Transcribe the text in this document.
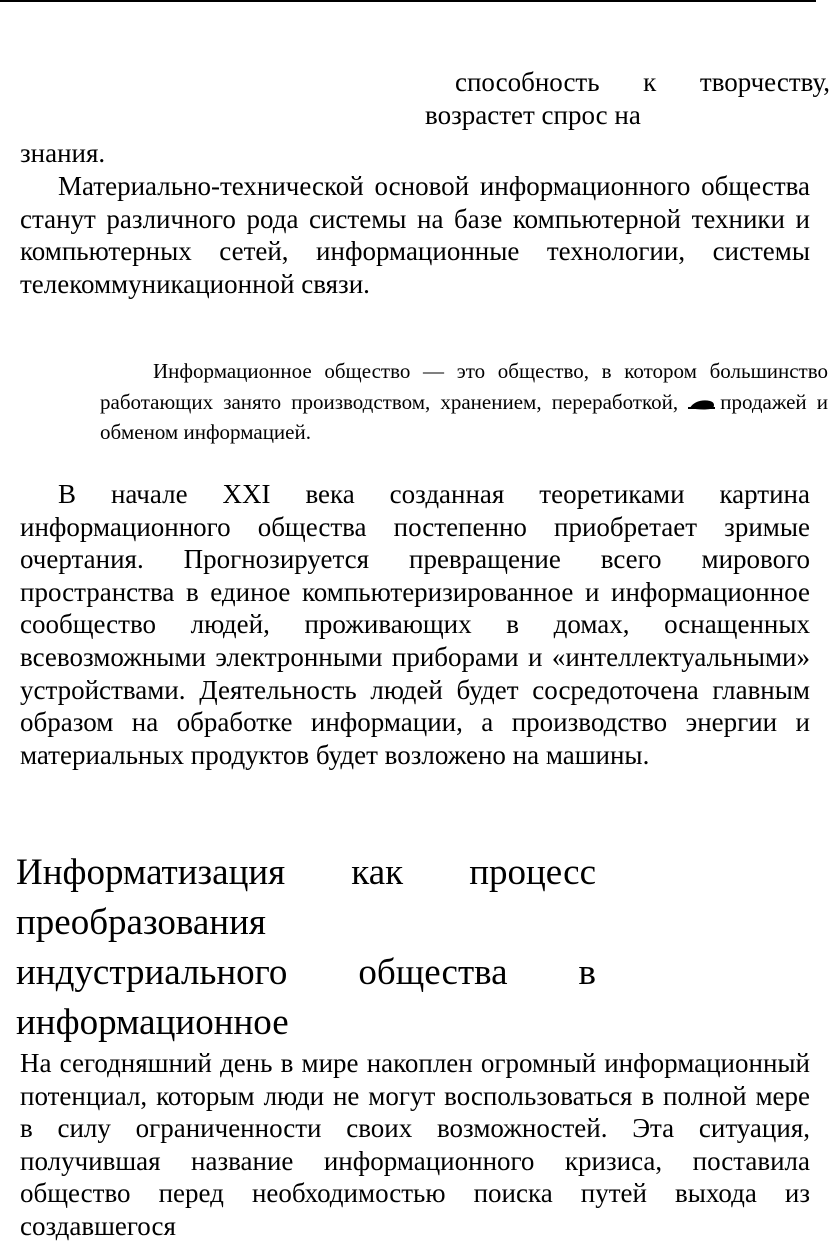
способность к творчеству,
возрастет спрос на
знания.
Материально-технической основой информационного общества станут различного рода системы на базе компьютерной техники и компьютерных сетей, информационные технологии, системы телекоммуникационной связи.
Информационное общество — это общество, в котором большинство работающих занято производством, хранением, переработкой, продажей и обменом информацией.
В начале XXI века созданная теоретиками картина информационного общества постепенно приобретает зримые очертания. Прогнозируется превращение всего мирового пространства в единое компьютеризированное и информационное сообщество людей, проживающих в домах, оснащенных всевозможными электронными приборами и «интеллектуальными» устройствами. Деятельность людей будет сосредоточена главным образом на обработке информации, а производство энергии и материальных продуктов будет возложено на машины.
Информатизация как процесс
преобразования
индустриального общества в
информационное
На сегодняшний день в мире накоплен огромный информационный потенциал, которым люди не могут воспользоваться в полной мере в силу ограниченности своих возможностей. Эта ситуация, получившая название информационного кризиса, поставила общество перед необходимостью поиска путей выхода из создавшегося
